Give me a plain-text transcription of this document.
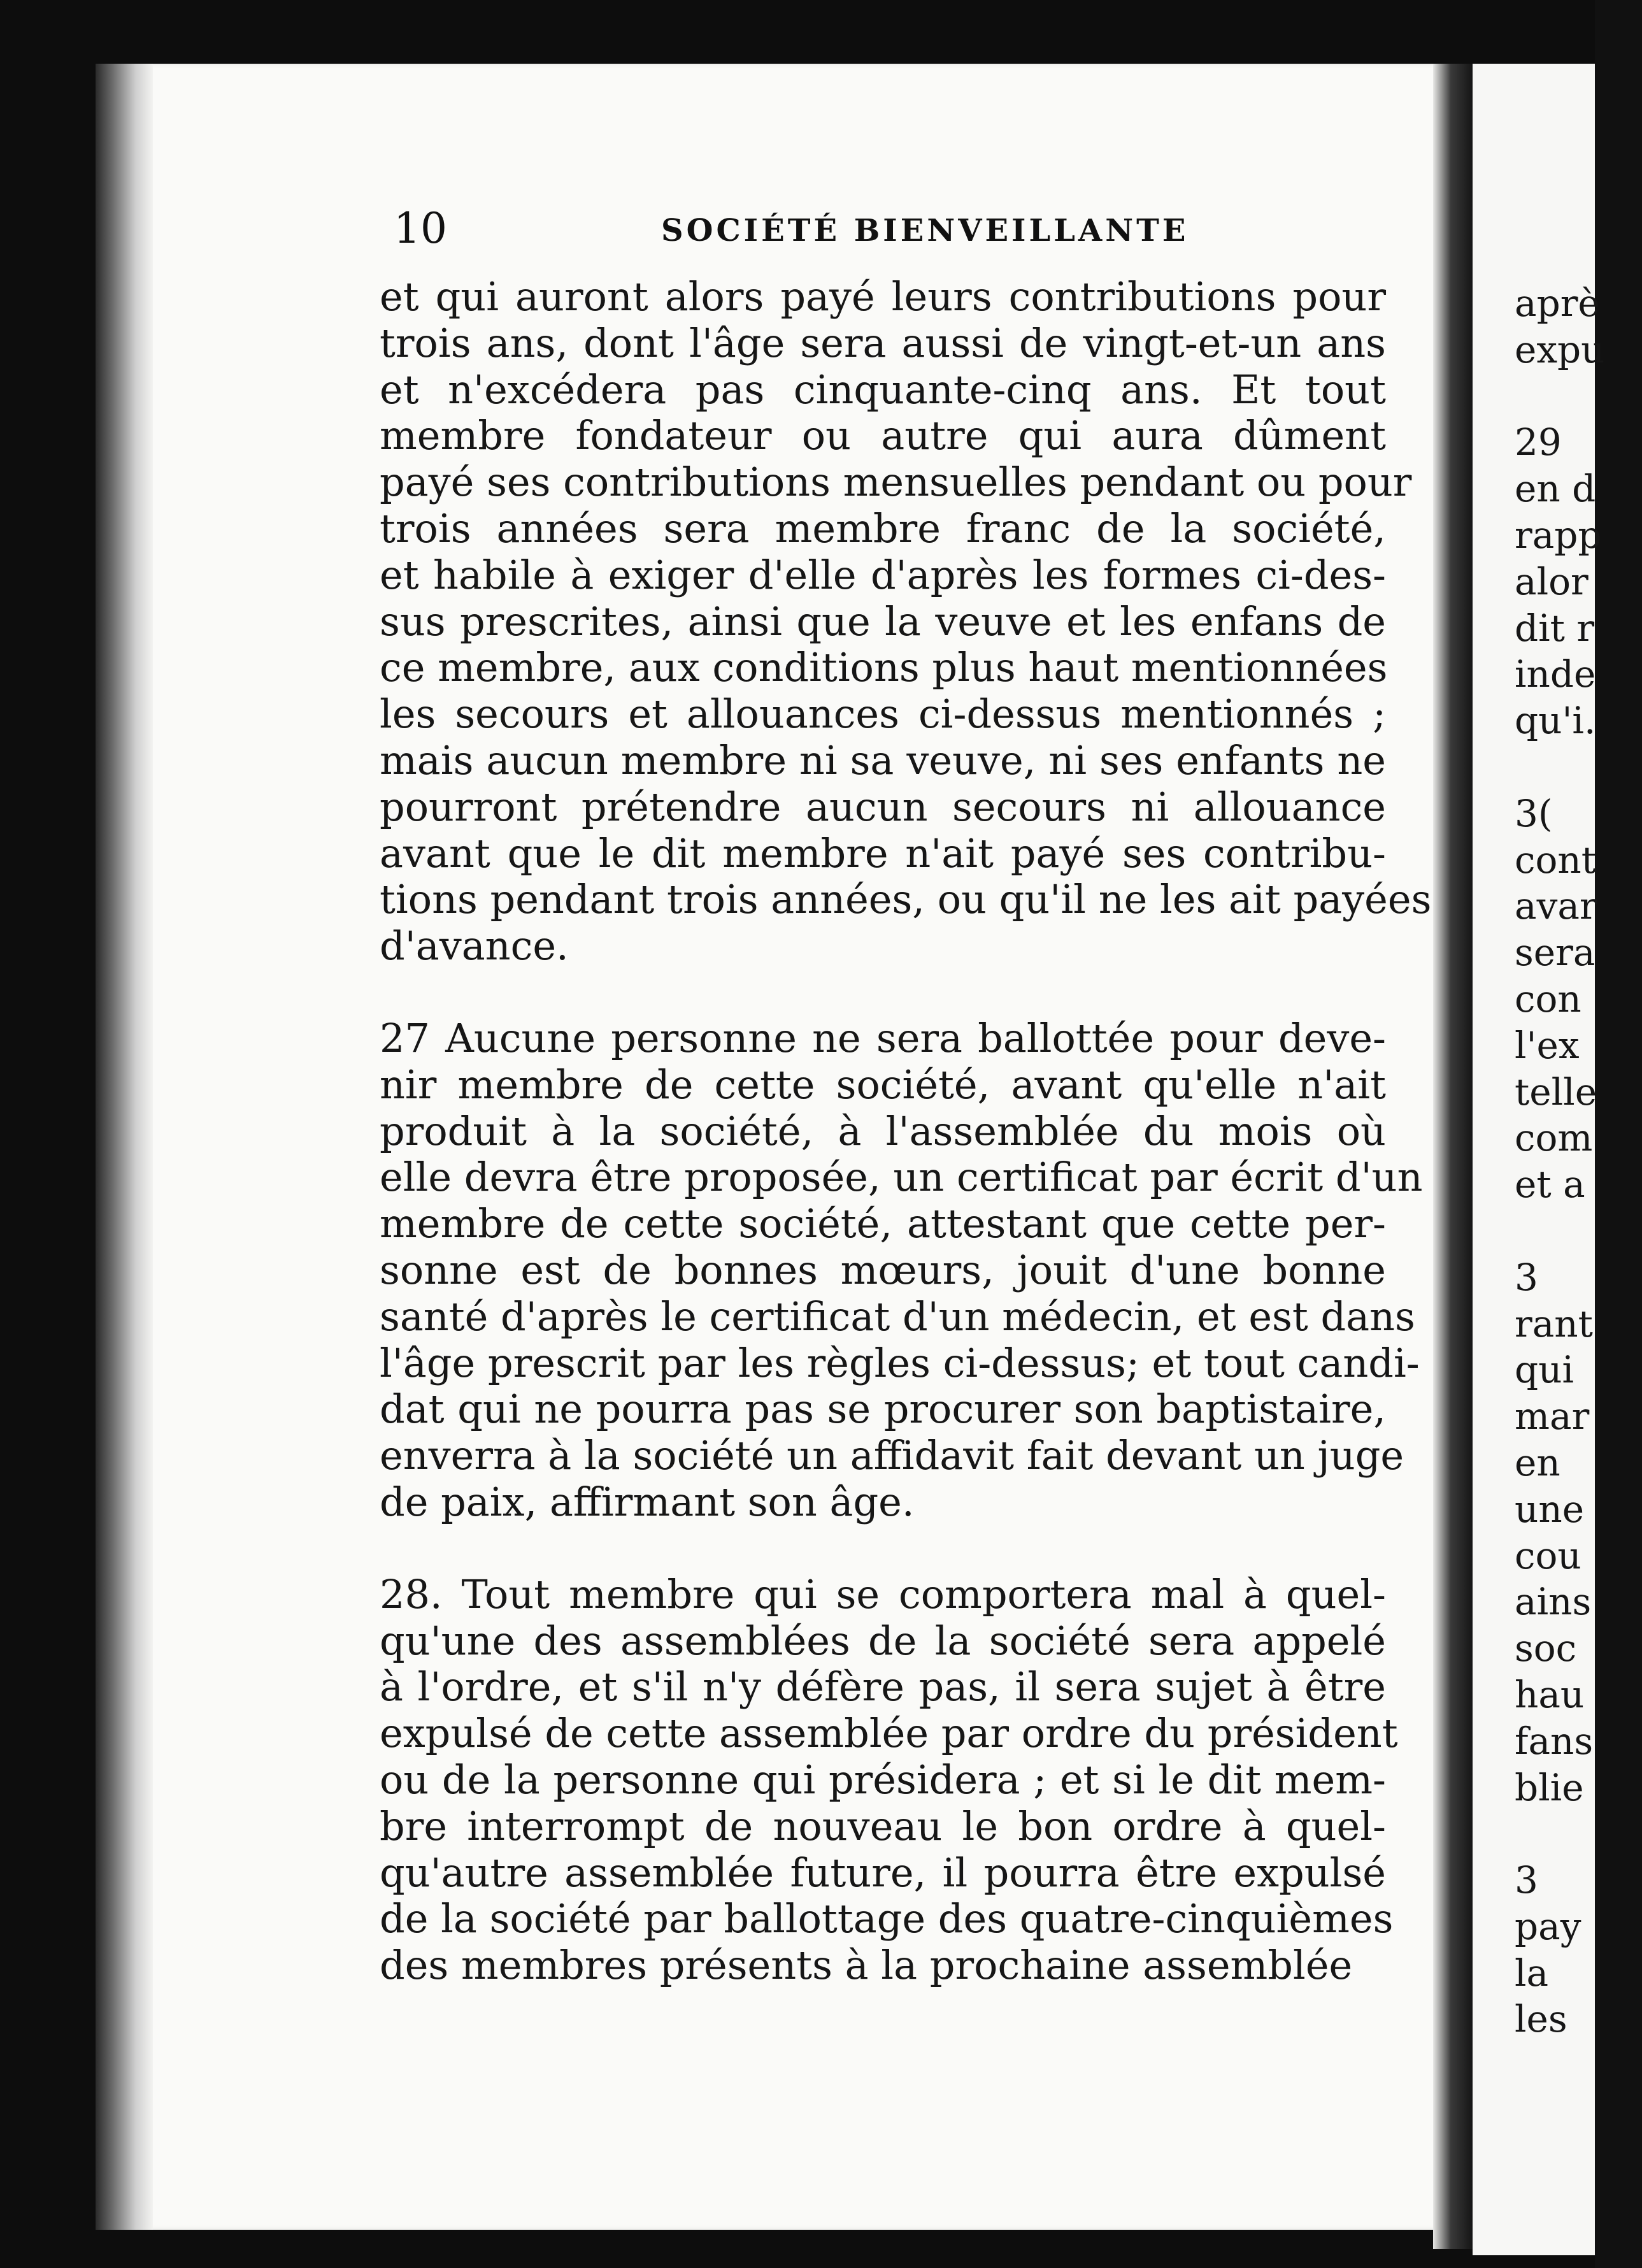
10	SOCIÉTÉ BIENVEILLANTE
et qui auront alors payé leurs contributions pour
trois ans, dont l'âge sera aussi de vingt-et-un ans
et n'excédera pas cinquante-cinq ans. Et tout
membre fondateur ou autre qui aura dûment
payé ses contributions mensuelles pendant ou pour
trois années sera membre franc de la société,
et habile à exiger d'elle d'après les formes ci-des-
sus prescrites, ainsi que la veuve et les enfans de
ce membre, aux conditions plus haut mentionnées
les secours et allouances ci-dessus mentionnés ;
mais aucun membre ni sa veuve, ni ses enfants ne
pourront prétendre aucun secours ni allouance
avant que le dit membre n'ait payé ses contribu-
tions pendant trois années, ou qu'il ne les ait payées
d'avance.
27 Aucune personne ne sera ballottée pour deve-
nir membre de cette société, avant qu'elle n'ait
produit à la société, à l'assemblée du mois où
elle devra être proposée, un certificat par écrit d'un
membre de cette société, attestant que cette per-
sonne est de bonnes mœurs, jouit d'une bonne
santé d'après le certificat d'un médecin, et est dans
l'âge prescrit par les règles ci-dessus; et tout candi-
dat qui ne pourra pas se procurer son baptistaire,
enverra à la société un affidavit fait devant un juge
de paix, affirmant son âge.
28. Tout membre qui se comportera mal à quel-
qu'une des assemblées de la société sera appelé
à l'ordre, et s'il n'y défère pas, il sera sujet à être
expulsé de cette assemblée par ordre du président
ou de la personne qui présidera ; et si le dit mem-
bre interrompt de nouveau le bon ordre à quel-
qu'autre assemblée future, il pourra être expulsé
de la société par ballottage des quatre-cinquièmes
des membres présents à la prochaine assemblée
aprè
expu
29
en d
rapp
alor
dit r
inde
qu'i.
3(
cont
avar
sera
con
l'ex
telle
com
et a
3
rant
qui
mar
en
une
cou
ains
soc
hau
fans
blie
3
pay
la
les
